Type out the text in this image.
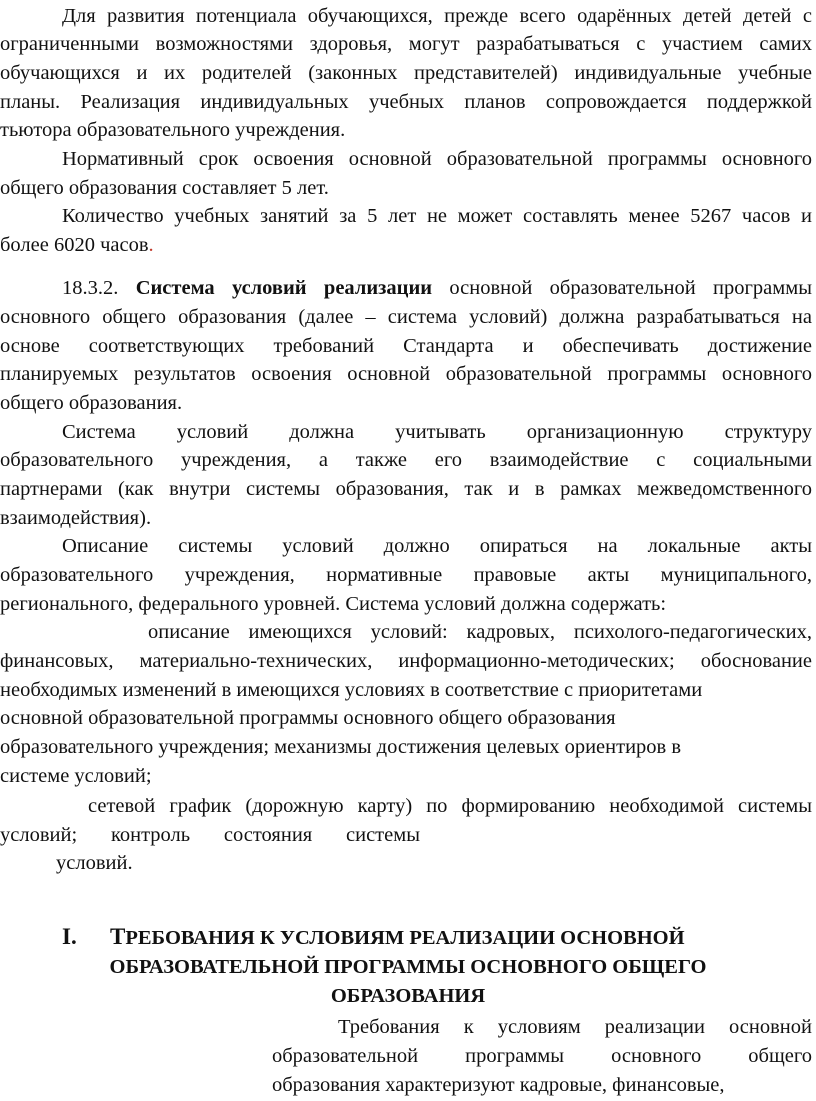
Для развития потенциала обучающихся, прежде всего одарённых детей детей с
ограниченными возможностями здоровья, могут разрабатываться с участием самих
обучающихся и их родителей (законных представителей) индивидуальные учебные
планы. Реализация индивидуальных учебных планов сопровождается поддержкой
тьютора образовательного учреждения.
Нормативный срок освоения основной образовательной программы основного
общего образования составляет 5 лет.
Количество учебных занятий за 5 лет не может составлять менее 5267 часов и
более 6020 часов.
18.3.2. Система условий реализации основной образовательной программы
основного общего образования (далее – система условий) должна разрабатываться на
основе соответствующих требований Стандарта и обеспечивать достижение
планируемых результатов освоения основной образовательной программы основного
общего образования.
Система условий должна учитывать организационную структуру
образовательного учреждения, а также его взаимодействие с социальными
партнерами (как внутри системы образования, так и в рамках межведомственного
взаимодействия).
Описание системы условий должно опираться на локальные акты
образовательного учреждения, нормативные правовые акты муниципального,
регионального, федерального уровней. Система условий должна содержать:
описание имеющихся условий: кадровых, психолого-педагогических,
финансовых, материально-технических, информационно-методических; обоснование
необходимых изменений в имеющихся условиях в соответствие с приоритетами
основной образовательной программы основного общего образования
образовательного учреждения; механизмы достижения целевых ориентиров в
системе условий;
сетевой график (дорожную карту) по формированию необходимой системы
условий; контроль состояния системы
условий.
I. ТРЕБОВАНИЯ К УСЛОВИЯМ РЕАЛИЗАЦИИ ОСНОВНОЙ
ОБРАЗОВАТЕЛЬНОЙ ПРОГРАММЫ ОСНОВНОГО ОБЩЕГО
ОБРАЗОВАНИЯ
Требования к условиям реализации основной
образовательной программы основного общего
образования характеризуют кадровые, финансовые,
